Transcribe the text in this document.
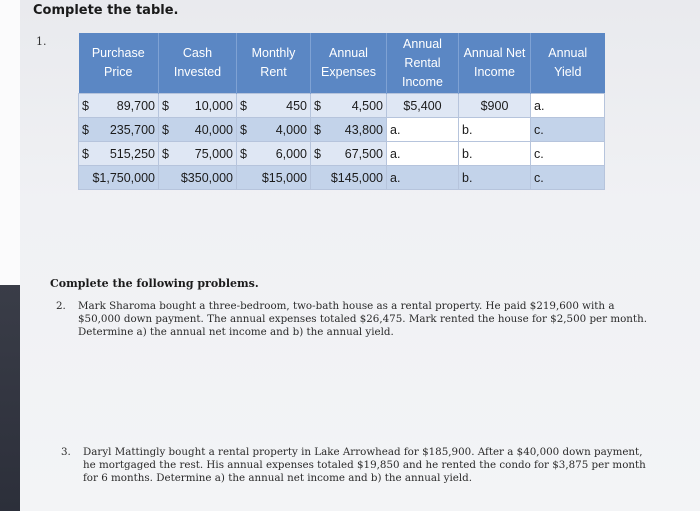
Complete the table.
1.
Purchase Price	Cash Invested	Monthly Rent	Annual Expenses	Annual Rental Income	Annual Net Income	Annual Yield

$ 89,700	$ 10,000	$ 450	$ 4,500	$5,400	$900	a.

$ 235,700	$ 40,000	$ 4,000	$ 43,800	a.	b.	c.

$ 515,250	$ 75,000	$ 6,000	$ 67,500	a.	b.	c.
$1,750,000	$350,000	$15,000	$145,000	a.	b.	c.
Complete the following problems.
2. Mark Sharoma bought a three-bedroom, two-bath house as a rental property. He paid $219,600 with a
$50,000 down payment. The annual expenses totaled $26,475. Mark rented the house for $2,500 per month.
Determine a) the annual net income and b) the annual yield.
3. Daryl Mattingly bought a rental property in Lake Arrowhead for $185,900. After a $40,000 down payment,
he mortgaged the rest. His annual expenses totaled $19,850 and he rented the condo for $3,875 per month
for 6 months. Determine a) the annual net income and b) the annual yield.
